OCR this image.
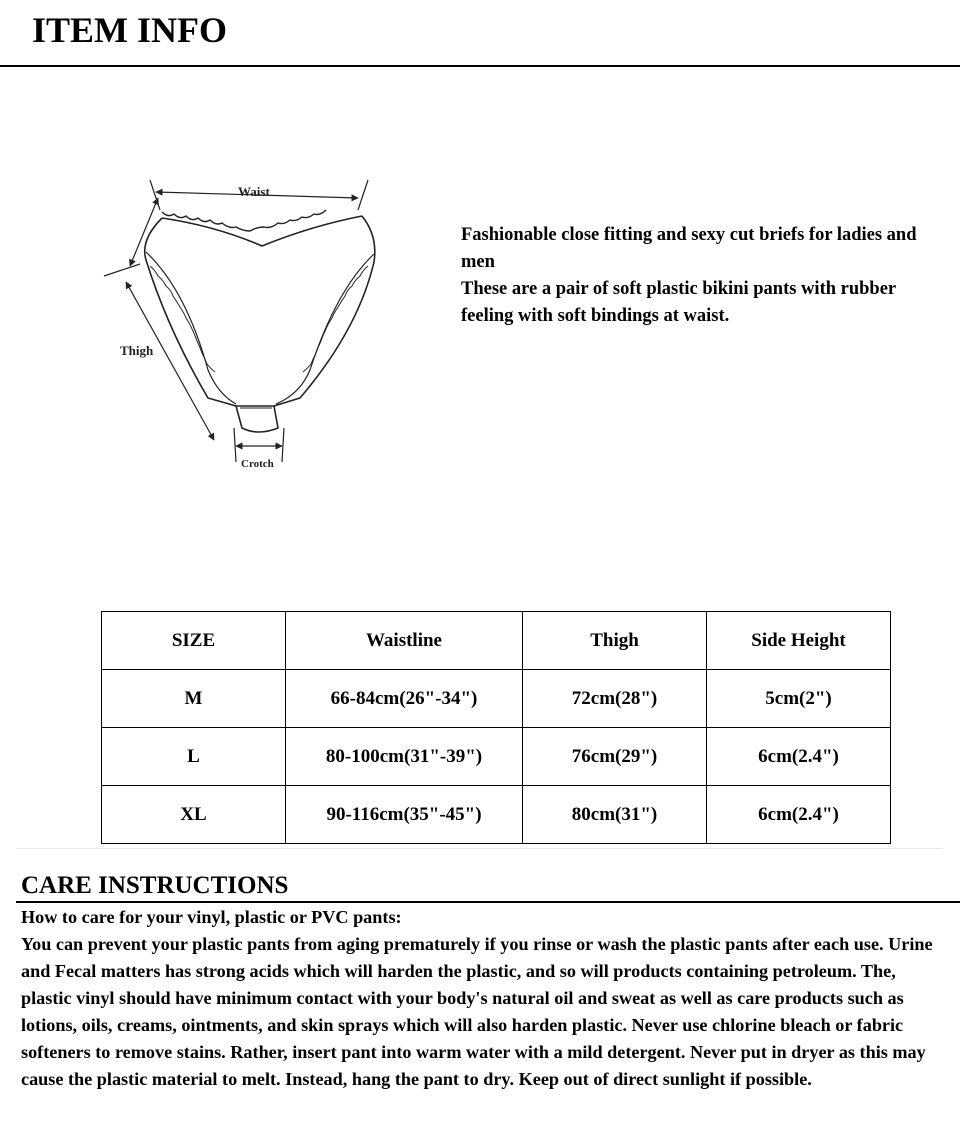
ITEM INFO
Waist
Thigh
Crotch

Fashionable close fitting and sexy cut briefs for ladies and men

These are a pair of soft plastic bikini pants with rubber feeling with soft bindings at waist.

SIZE	Waistline	Thigh	Side Height
M	66-84cm(26"-34")	72cm(28")	5cm(2")
L	80-100cm(31"-39")	76cm(29")	6cm(2.4")
XL	90-116cm(35"-45")	80cm(31")	6cm(2.4")
CARE INSTRUCTIONS

How to care for your vinyl, plastic or PVC pants:

You can prevent your plastic pants from aging prematurely if you rinse or wash the plastic pants after each use. Urine and Fecal matters has strong acids which will harden the plastic, and so will products containing petroleum. The, plastic vinyl should have minimum contact with your body's natural oil and sweat as well as care products such as lotions, oils, creams, ointments, and skin sprays which will also harden plastic. Never use chlorine bleach or fabric softeners to remove stains. Rather, insert pant into warm water with a mild detergent. Never put in dryer as this may cause the plastic material to melt. Instead, hang the pant to dry. Keep out of direct sunlight if possible.
